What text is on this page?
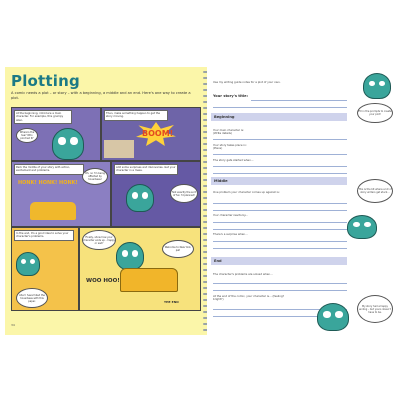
Plotting
A comic needs a plot – or story – with a beginning, a middle and an end. Here's one way to create a plot.
At the beginning, introduce a main character. For example, this grumpy alien.
Where's the tea? Who pinched it?
Then, make something happen to get the story moving.
BOOM!
Pack the middle of your story with action, excitement and problems.
Oh, no I'm being affected by hoverbees!
HONK! HONK! HONK!
Add some surprises and discoveries. Get your character in a mess.
Not exactly the sort of fun I'd planned!
In the end, it's a good idea to solve your character's problems.
Aha! I have foiled the hoverbees with this paper.
Finally, show how your character ends up – happy or sad?
Welcome to New York, pal!
WOO HOO!
THE END
34
Use my writing guide notes for a plot of your own.
Your story's title:
Beginning
Your main character is:
(Write details)
Your story takes place in:
(Place)
The story gets started when...
Middle
One problem your character comes up against is:
Your character reacts by...
There's a surprise when...
End
The character's problems are solved when...
At the end of the comic, your character is... (feeling? bright?)
Fill in the prompts to create your plot!
This is the bit where a lot of story writers get stuck...
My story had a happy ending – but yours doesn't have to be.
